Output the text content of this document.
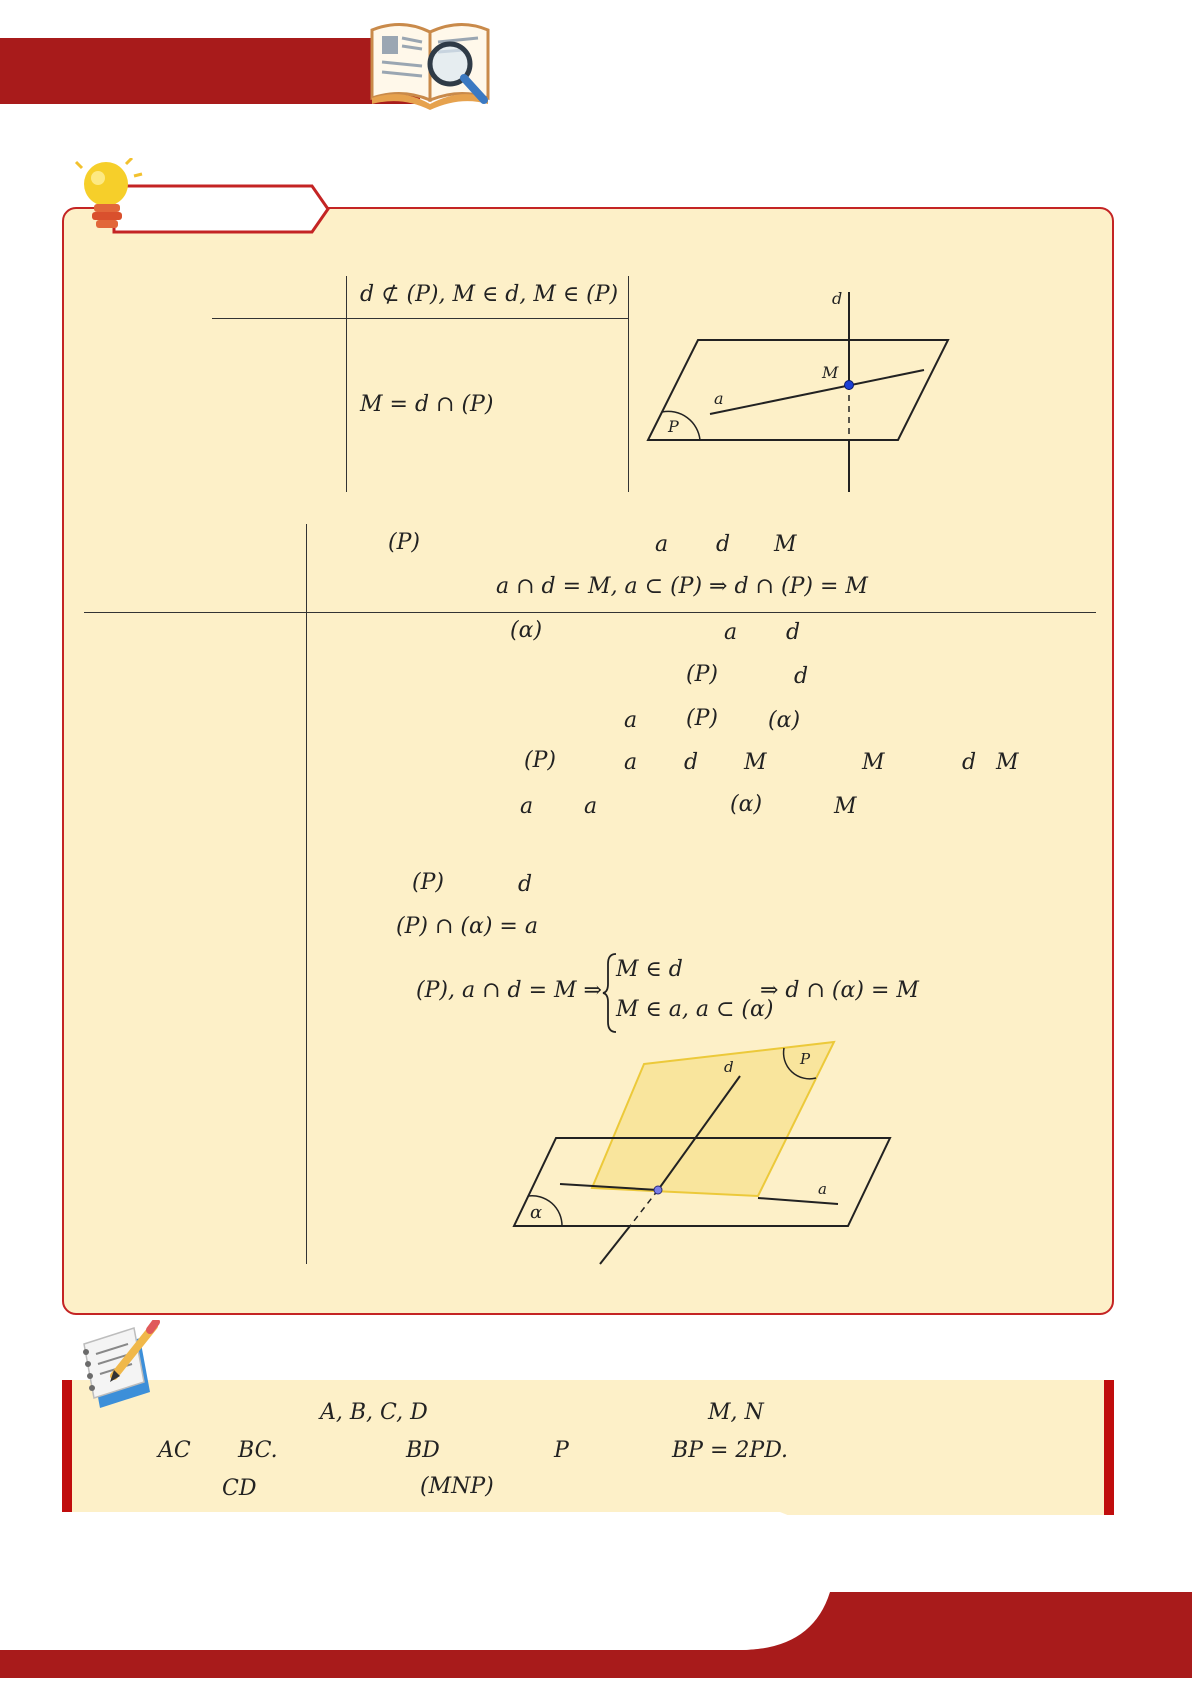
d ⊄ (P), M ∈ d, M ∈ (P)
M = d ∩ (P)
d
M
a
P
(P)	a d M
a ∩ d = M, a ⊂ (P) ⇒ d ∩ (P) = M
(α)	a d
(P)	d
a (P) (α)
(P)	a d M	M	d M
a a	(α)	M
(P)	d
(P) ∩ (α) = a
(P), a ∩ d = M ⇒
M ∈ d
M ∈ a, a ⊂ (α)
⇒ d ∩ (α) = M
P
d
a
α
A, B, C, D	M, N
AC BC.	BD	P	BP = 2PD.
CD	(MNP)
